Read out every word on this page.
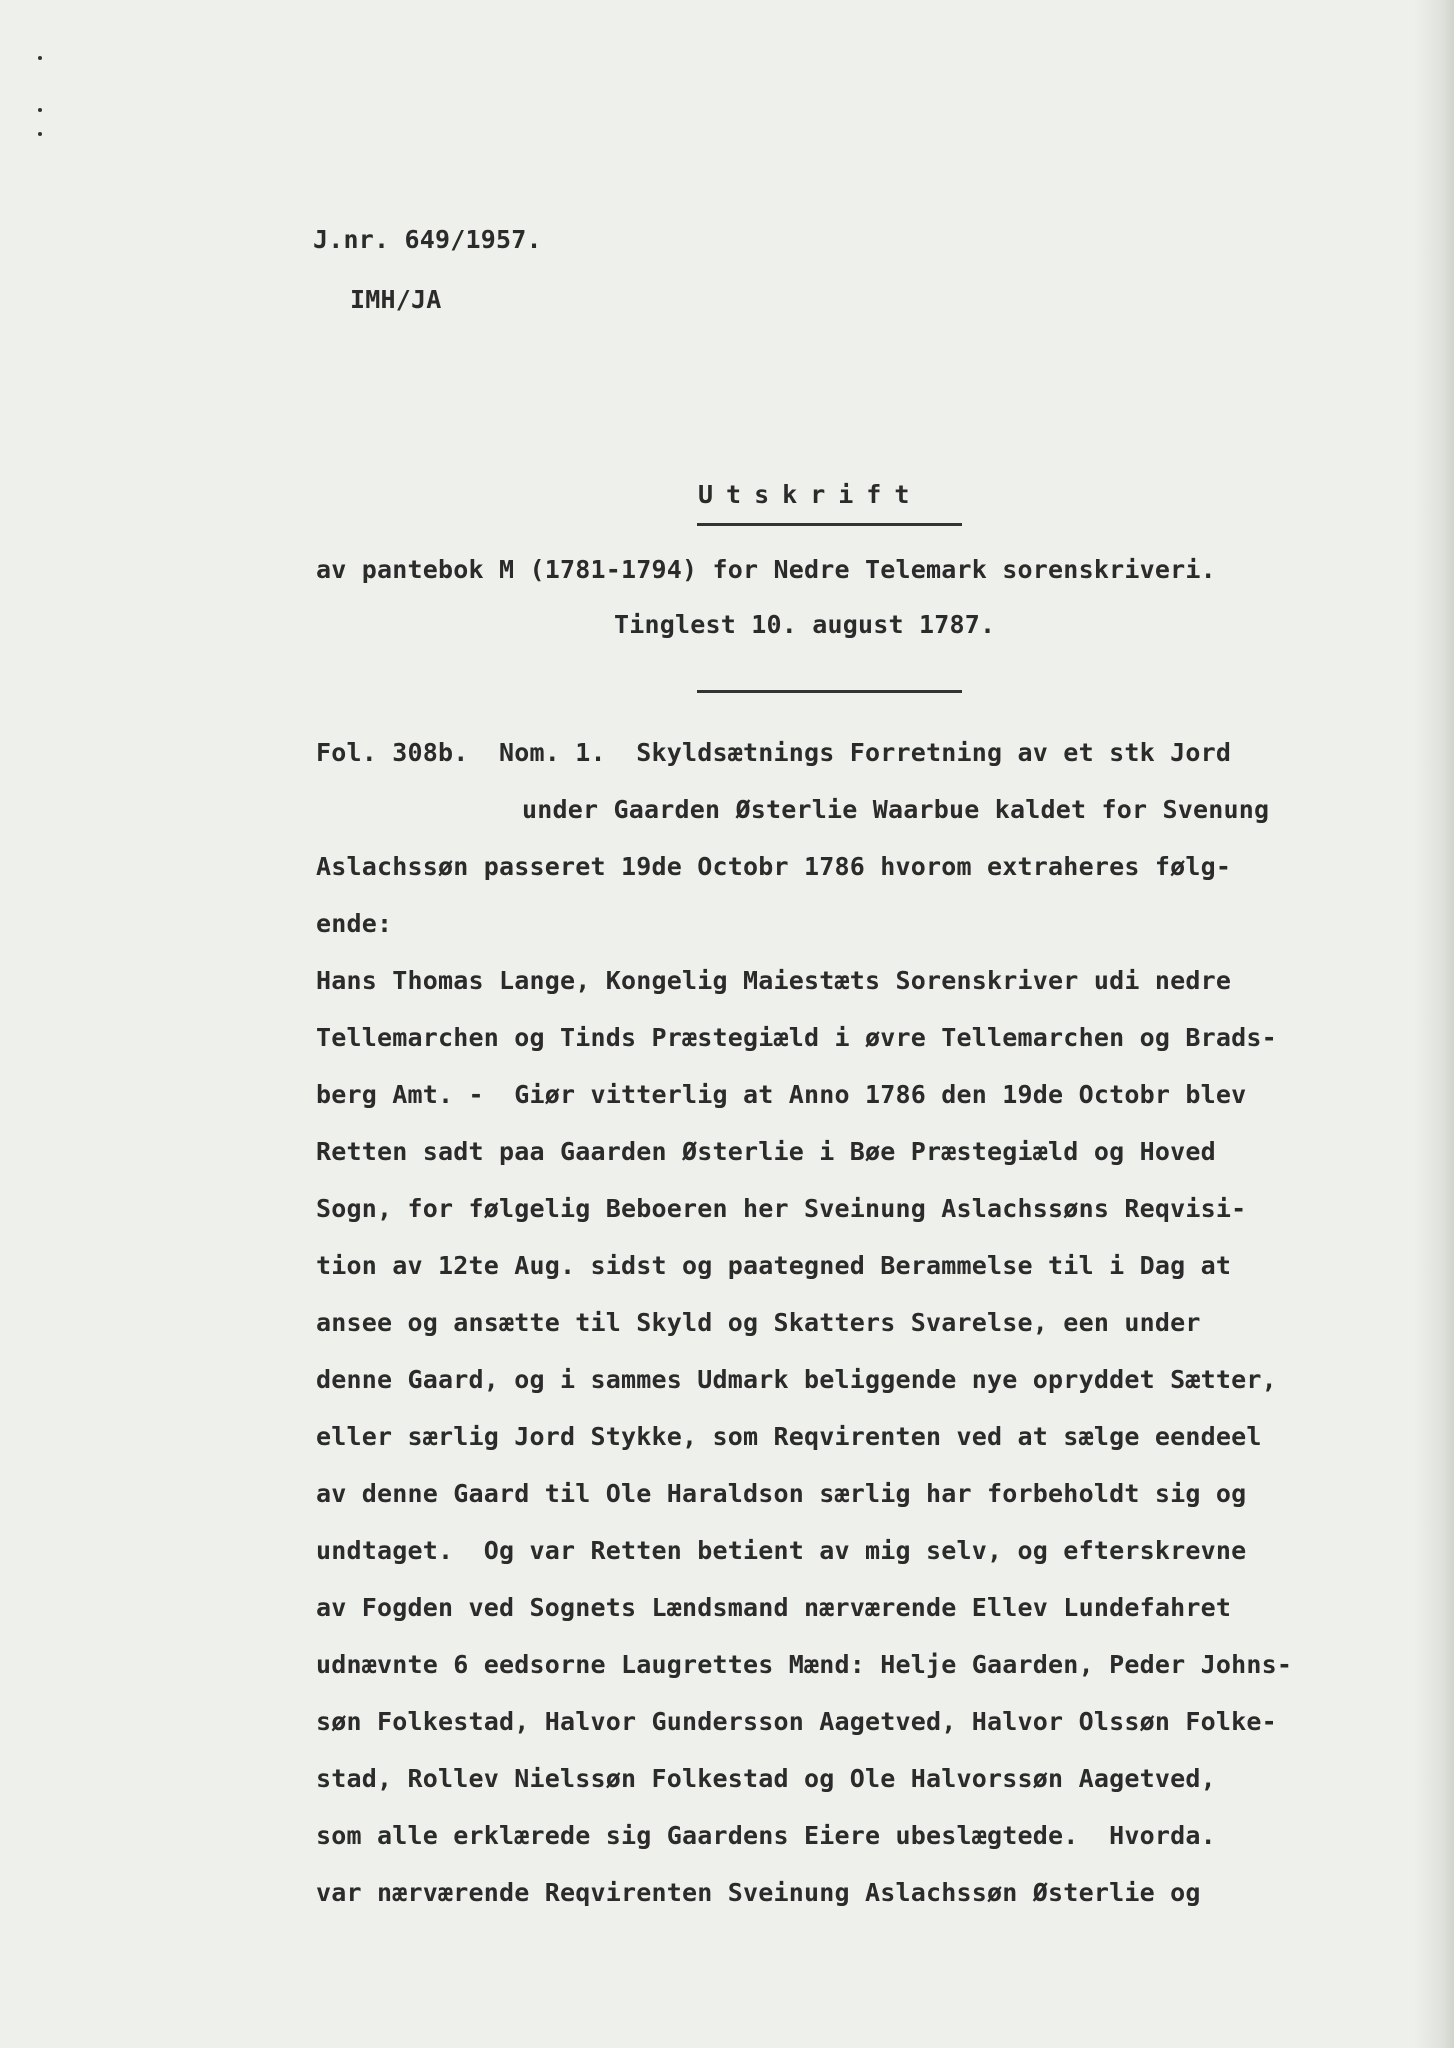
J.nr. 649/1957.
IMH/JA
Utskrift
av pantebok M (1781-1794) for Nedre Telemark sorenskriveri.
Tinglest 10. august 1787.
Fol. 308b.  Nom. 1.  Skyldsætnings Forretning av et stk Jord
under Gaarden Østerlie Waarbue kaldet for Svenung
Aslachssøn passeret 19de Octobr 1786 hvorom extraheres følg-
ende:
Hans Thomas Lange, Kongelig Maiestæts Sorenskriver udi nedre
Tellemarchen og Tinds Præstegiæld i øvre Tellemarchen og Brads-
berg Amt. -  Giør vitterlig at Anno 1786 den 19de Octobr blev
Retten sadt paa Gaarden Østerlie i Bøe Præstegiæld og Hoved
Sogn, for følgelig Beboeren her Sveinung Aslachssøns Reqvisi-
tion av 12te Aug. sidst og paategned Berammelse til i Dag at
ansee og ansætte til Skyld og Skatters Svarelse, een under
denne Gaard, og i sammes Udmark beliggende nye opryddet Sætter,
eller særlig Jord Stykke, som Reqvirenten ved at sælge eendeel
av denne Gaard til Ole Haraldson særlig har forbeholdt sig og
undtaget.  Og var Retten betient av mig selv, og efterskrevne
av Fogden ved Sognets Lændsmand nærværende Ellev Lundefahret
udnævnte 6 eedsorne Laugrettes Mænd: Helje Gaarden, Peder Johns-
søn Folkestad, Halvor Gundersson Aagetved, Halvor Olssøn Folke-
stad, Rollev Nielssøn Folkestad og Ole Halvorssøn Aagetved,
som alle erklærede sig Gaardens Eiere ubeslægtede.  Hvorda.
var nærværende Reqvirenten Sveinung Aslachssøn Østerlie og
